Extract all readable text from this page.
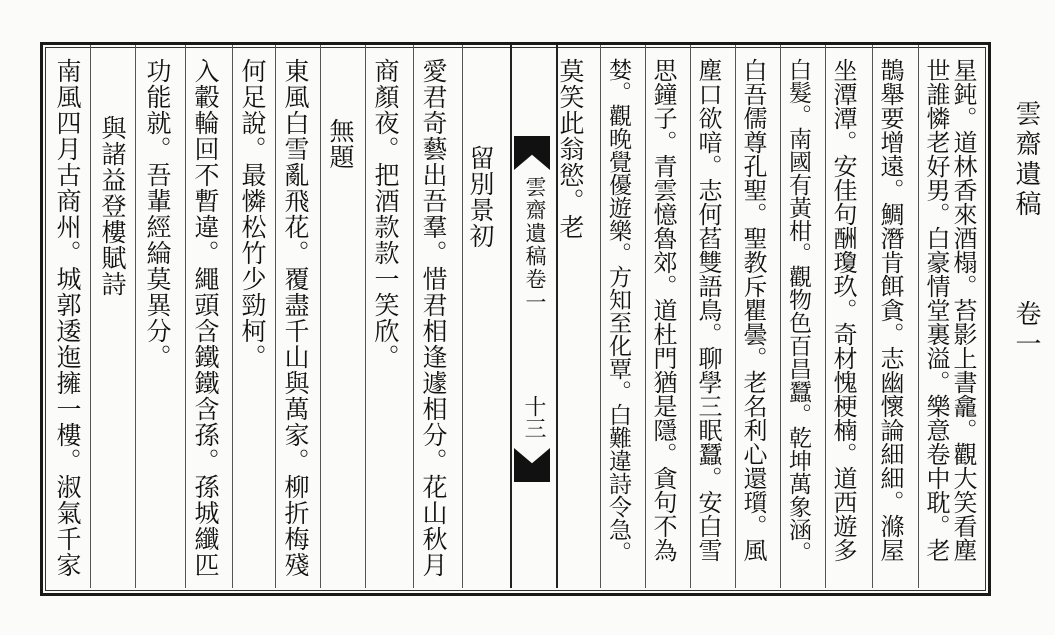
留別景初
愛君奇藝出吾羣。惜君相逢遽相分。花山秋月
商顏夜。把酒款款一笑欣。
無題
東風白雪亂飛花。覆盡千山與萬家。柳折梅殘
何足說。最憐松竹少勁柯。
入轂輪回不暫違。繩頭含鐵鐵含孫。孫城纖匹
功能就。吾輩經綸莫異分。
與諸益登樓賦詩
南風四月古商州。城郭逶迤擁一樓。淑氣千家	雲齋遺稿卷一
十三
莫笑此翁慾。老 婪。觀晚覺優遊樂。方知至化覃。白難違詩令急。 思鐘子。青雲憶魯郊。道杜門猶是隱。貪句不為 塵口欲喑。志何萏雙語鳥。聊學三眠蠶。安白雪 白吾儒尊孔聖。聖教斥瞿曇。老名利心還瓆。風 白髮。南國有黃柑。觀物色百昌蠶。乾坤萬象涵。 坐潭潭。安佳句酬瓊玖。奇材愧梗楠。道西遊多 鵲舉要增遠。鯛潛肯餌貪。志幽懷論細細。滌屋 世誰憐老好男。白豪情堂裏溢。樂意卷中耽。老 星鈍。道林香來酒榻。苔影上書龕。觀大笑看塵 雲齋遺稿
卷一
